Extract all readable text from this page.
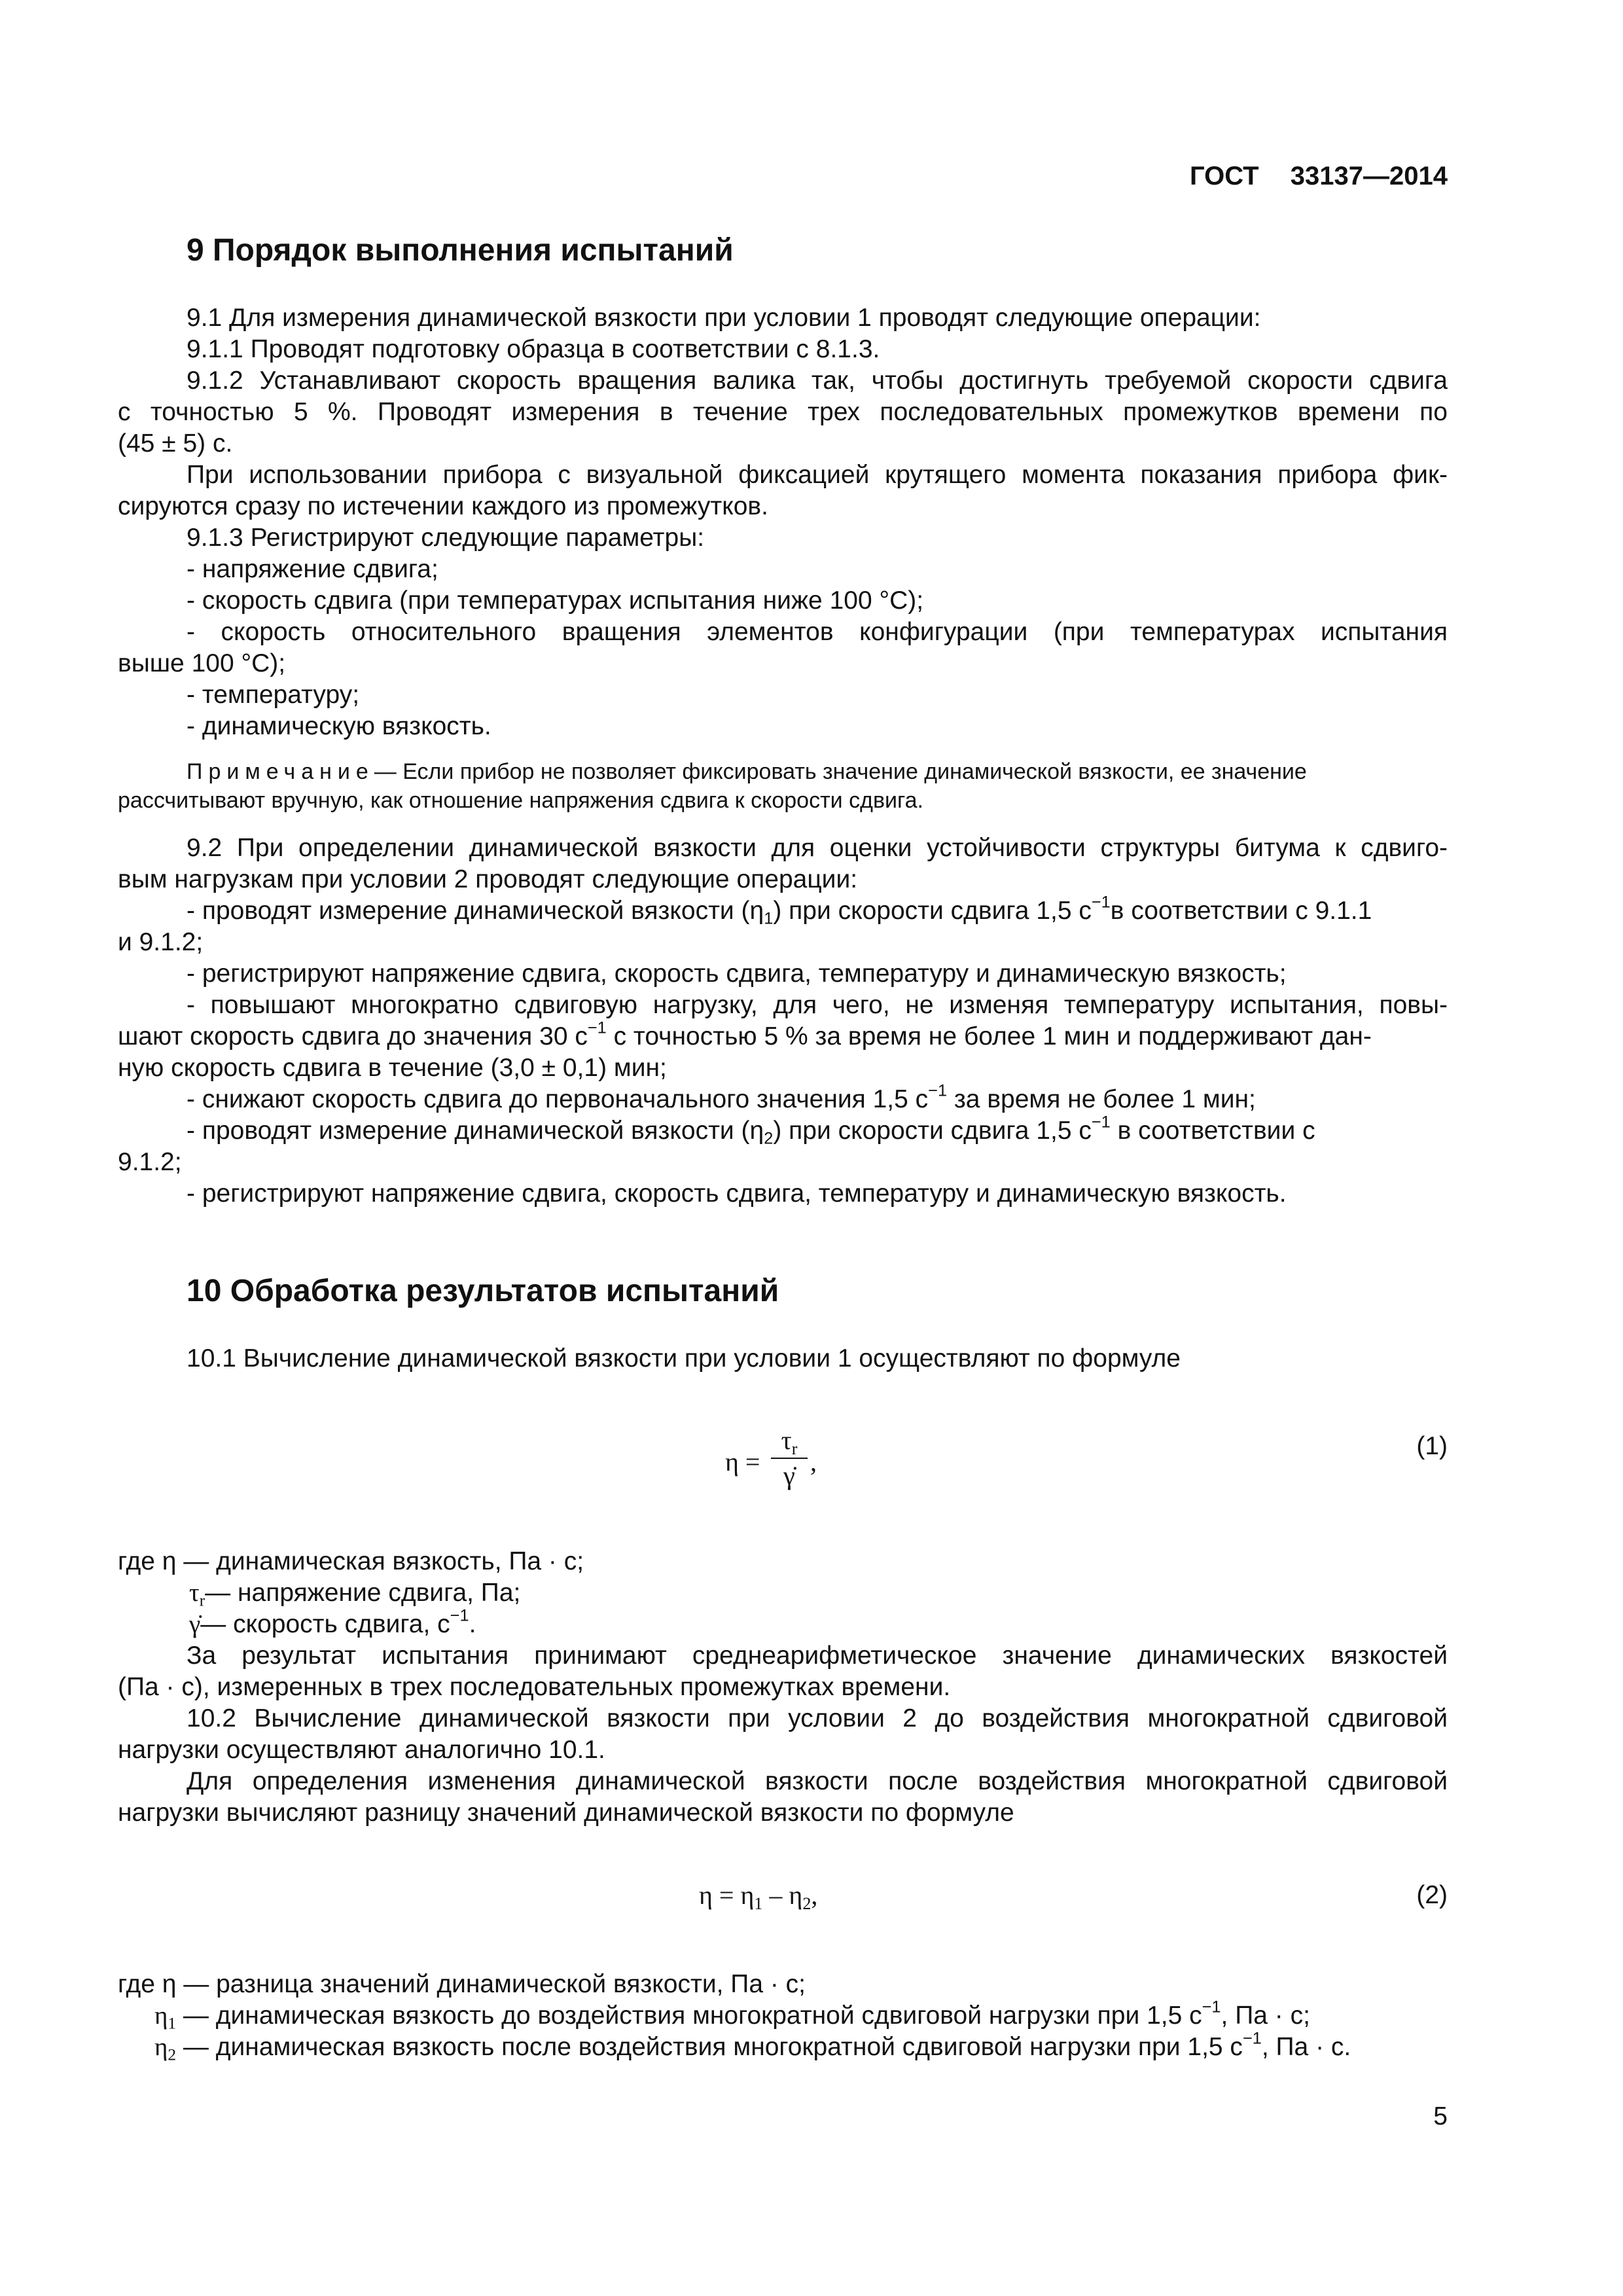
ГОСТ 33137—2014
9 Порядок выполнения испытаний
9.1 Для измерения динамической вязкости при условии 1 проводят следующие операции:
9.1.1 Проводят подготовку образца в соответствии с 8.1.3.
9.1.2 Устанавливают скорость вращения валика так, чтобы достигнуть требуемой скорости сдвига
с точностью 5 %. Проводят измерения в течение трех последовательных промежутков времени по
(45 ± 5) с.
При использовании прибора с визуальной фиксацией крутящего момента показания прибора фик-
сируются сразу по истечении каждого из промежутков.
9.1.3 Регистрируют следующие параметры:
- напряжение сдвига;
- скорость сдвига (при температурах испытания ниже 100 °С);
- скорость относительного вращения элементов конфигурации (при температурах испытания
выше 100 °С);
- температуру;
- динамическую вязкость.
Примечание— Если прибор не позволяет фиксировать значение динамической вязкости, ее значение
рассчитывают вручную, как отношение напряжения сдвига к скорости сдвига.
9.2 При определении динамической вязкости для оценки устойчивости структуры битума к сдвиго-
вым нагрузкам при условии 2 проводят следующие операции:
- проводят измерение динамической вязкости $(\eta_1)$ при скорости сдвига 1,5 $с^{-1}в$ соответствии с 9.1.1
и 9.1.2;
- регистрируют напряжение сдвига, скорость сдвига, температуру и динамическую вязкость;
- повышают многократно сдвиговую нагрузку, для чего, не изменяя температуру испытания, повы-
шают скорость сдвига до значения 30 $с^{-1}$ с точностью 5 % за время не более 1 мин и поддерживают дан-
ную скорость сдвига в течение (3,0 ± 0,1) мин;
- снижают скорость сдвига до первоначального значения 1,5 $с^{-1}$ за время не более 1 мин;
- проводят измерение динамической вязкости $(\eta_2)$ при скорости сдвига 1,5 $с^{-1}$ в соответствии с
9.1.2;
- регистрируют напряжение сдвига, скорость сдвига, температуру и динамическую вязкость.
10 Обработка результатов испытаний
10.1 Вычисление динамической вязкости при условии 1 осуществляют по формуле
η =
$\tau_r$
γ̇ ,
(1)
где η — динамическая вязкость, Па · с;
$\tau_r—$ напряжение сдвига, Па;
γ̇— скорость сдвига, $с^{-1}$.
За результат испытания принимают среднеарифметическое значение динамических вязкостей
(Па · с), измеренных в трех последовательных промежутках времени.
10.2 Вычисление динамической вязкости при условии 2 до воздействия многократной сдвиговой
нагрузки осуществляют аналогично 10.1.
Для определения изменения динамической вязкости после воздействия многократной сдвиговой
нагрузки вычисляют разницу значений динамической вязкости по формуле
$\eta = \eta_1 - \eta_2$,	(2)
где η — разница значений динамической вязкости, Па · с;
$\eta_1$ — динамическая вязкость до воздействия многократной сдвиговой нагрузки при 1,5 $с^{-1}$, Па · с;
$\eta_2$ — динамическая вязкость после воздействия многократной сдвиговой нагрузки при 1,5 $с^{-1}$, Па · с.
5
